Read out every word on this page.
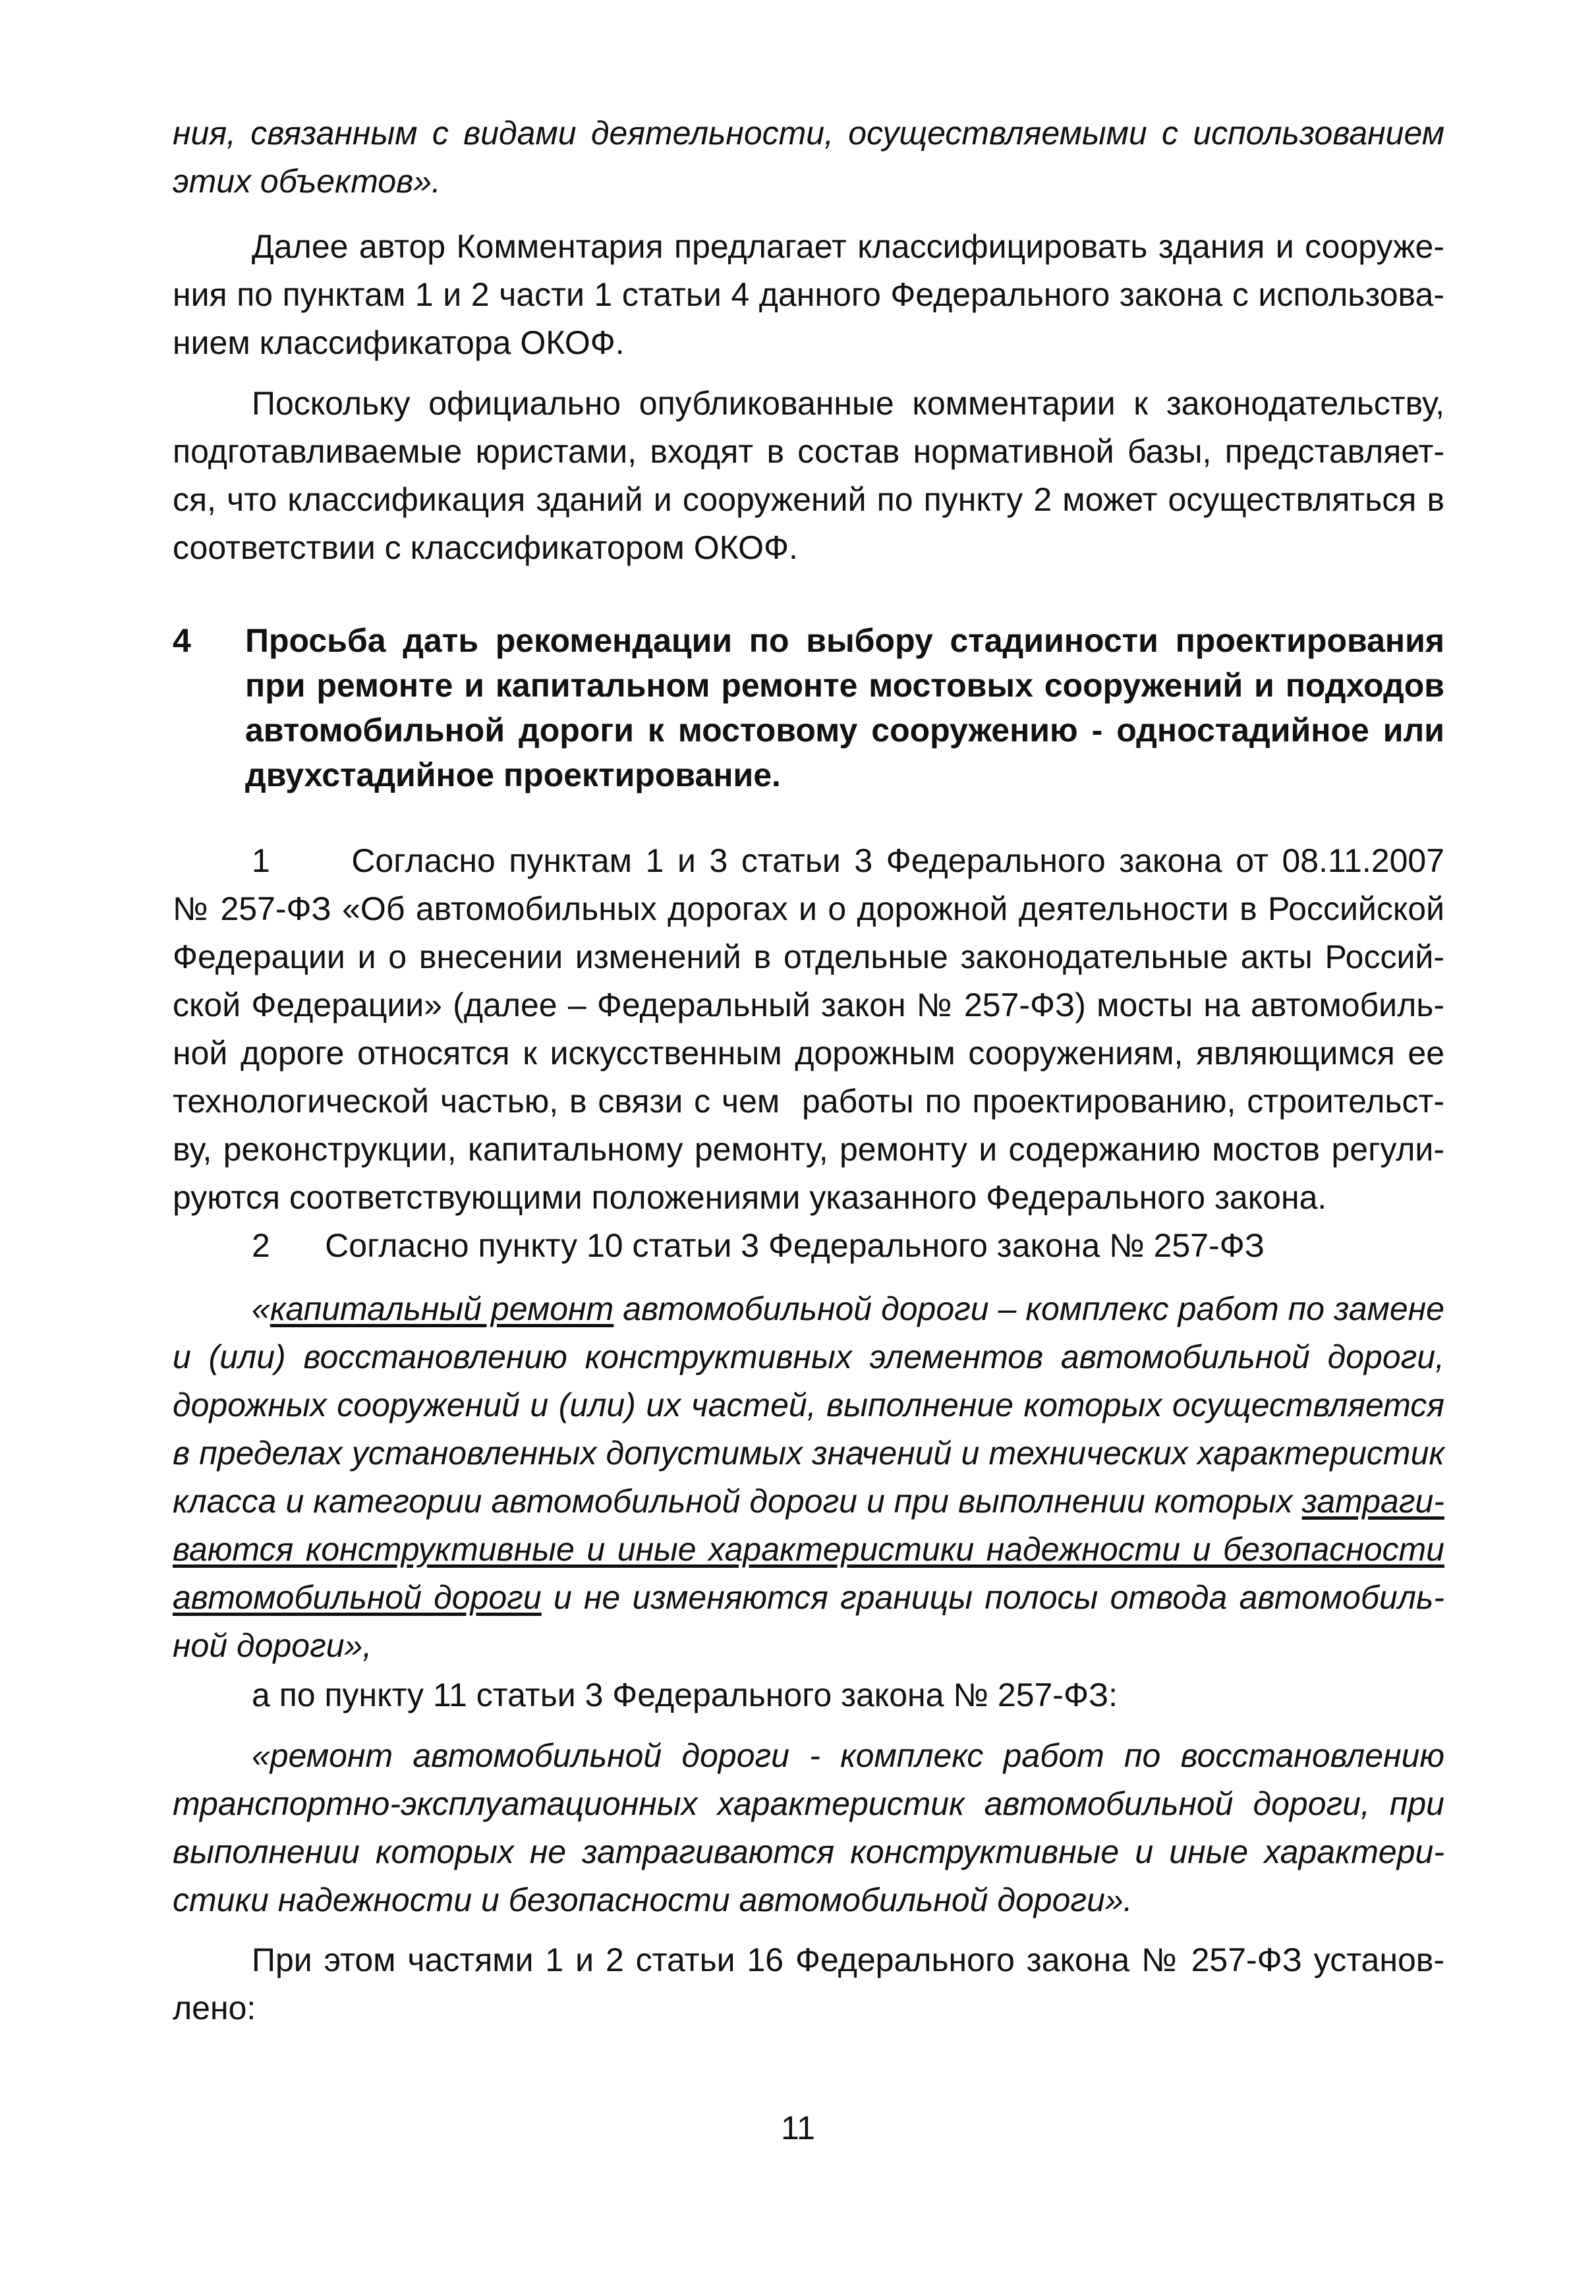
ния, связанным с видами деятельности, осуществляемыми с использованием
этих объектов».
Далее автор Комментария предлагает классифицировать здания и сооруже-
ния по пунктам 1 и 2 части 1 статьи 4 данного Федерального закона с использова-
нием классификатора ОКОФ.
Поскольку официально опубликованные комментарии к законодательству,
подготавливаемые юристами, входят в состав нормативной базы, представляет-
ся, что классификация зданий и сооружений по пункту 2 может осуществляться в
соответствии с классификатором ОКОФ.
4 Просьба дать рекомендации по выбору стадииности проектирования
при ремонте и капитальном ремонте мостовых сооружений и подходов
автомобильной дороги к мостовому сооружению - одностадийное или
двухстадийное проектирование.
1      Согласно пунктам 1 и 3 статьи 3 Федерального закона от 08.11.2007
№ 257-ФЗ «Об автомобильных дорогах и о дорожной деятельности в Российской
Федерации и о внесении изменений в отдельные законодательные акты Россий-
ской Федерации» (далее – Федеральный закон № 257-ФЗ) мосты на автомобиль-
ной дороге относятся к искусственным дорожным сооружениям, являющимся ее
технологической частью, в связи с чем  работы по проектированию, строительст-
ву, реконструкции, капитальному ремонту, ремонту и содержанию мостов регули-
руются соответствующими положениями указанного Федерального закона.
2      Согласно пункту 10 статьи 3 Федерального закона № 257-ФЗ
«капитальный ремонт автомобильной дороги – комплекс работ по замене
и (или) восстановлению конструктивных элементов автомобильной дороги,
дорожных сооружений и (или) их частей, выполнение которых осуществляется
в пределах установленных допустимых значений и технических характеристик
класса и категории автомобильной дороги и при выполнении которых затраги-
ваются конструктивные и иные характеристики надежности и безопасности
автомобильной дороги и не изменяются границы полосы отвода автомобиль-
ной дороги»,
а по пункту 11 статьи 3 Федерального закона № 257-ФЗ:
«ремонт автомобильной дороги - комплекс работ по восстановлению
транспортно-эксплуатационных характеристик автомобильной дороги, при
выполнении которых не затрагиваются конструктивные и иные характери-
стики надежности и безопасности автомобильной дороги».
При этом частями 1 и 2 статьи 16 Федерального закона № 257-ФЗ установ-
лено:
11
